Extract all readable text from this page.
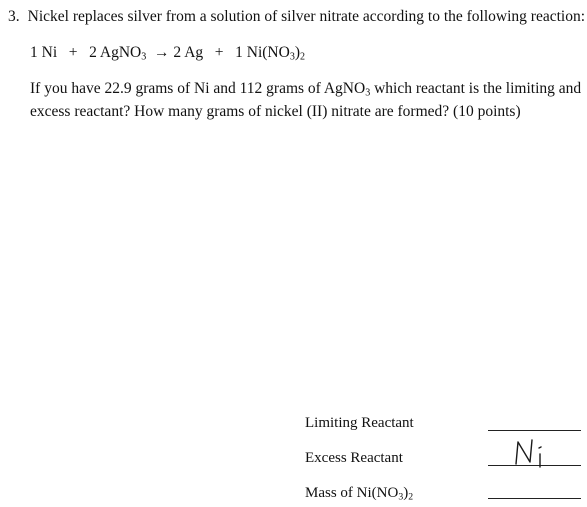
3. Nickel replaces silver from a solution of silver nitrate according to the following reaction:
1 Ni + 2 AgNO$_3$ → 2 Ag + 1 $Ni(NO_3)_2$
If you have 22.9 grams of Ni and 112 grams of AgNO$_3$ which reactant is the limiting and excess reactant? How many grams of nickel (II) nitrate are formed? (10 points)
Limiting Reactant
Excess Reactant
Mass of $Ni(NO_3)_2$
